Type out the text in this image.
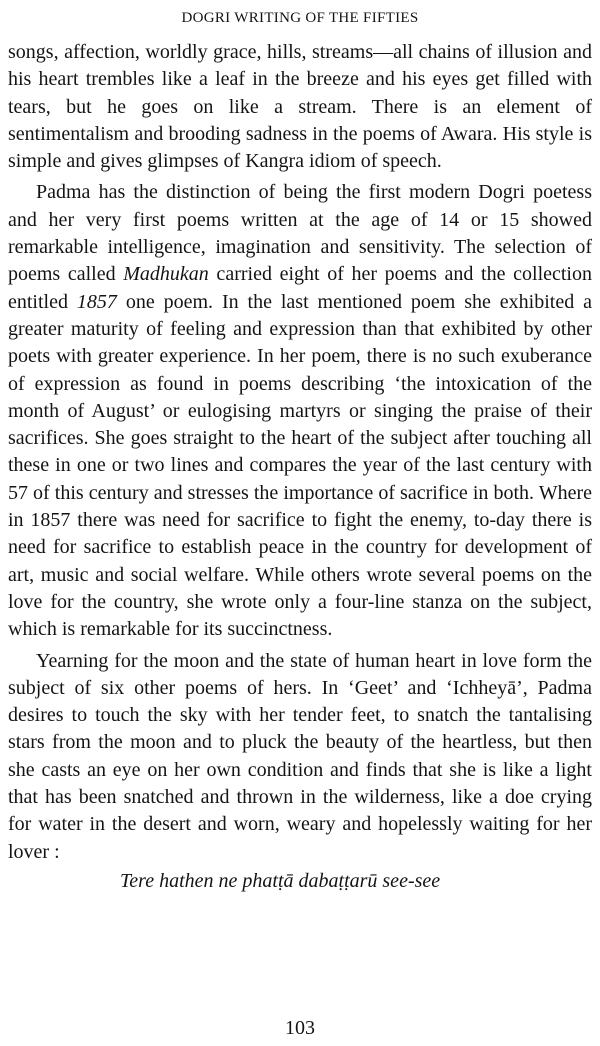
DOGRI WRITING OF THE FIFTIES

songs, affection, worldly grace, hills, streams—all chains of illusion and his heart trembles like a leaf in the breeze and his eyes get filled with tears, but he goes on like a stream. There is an element of sentimentalism and brooding sadness in the poems of Awara. His style is simple and gives glimpses of Kangra idiom of speech.

Padma has the distinction of being the first modern Dogri poetess and her very first poems written at the age of 14 or 15 showed remarkable intelligence, imagination and sensitivity. The selection of poems called Madhukan carried eight of her poems and the collection entitled 1857 one poem. In the last mentioned poem she exhibited a greater maturity of feeling and expression than that exhibited by other poets with greater experience. In her poem, there is no such exuberance of expression as found in poems describing ‘the intoxication of the month of August’ or eulogising martyrs or singing the praise of their sacrifices. She goes straight to the heart of the subject after touching all these in one or two lines and compares the year of the last century with 57 of this century and stresses the importance of sacrifice in both. Where in 1857 there was need for sacrifice to fight the enemy, to-day there is need for sacrifice to establish peace in the country for development of art, music and social welfare. While others wrote several poems on the love for the country, she wrote only a four-line stanza on the subject, which is remarkable for its succinctness.

Yearning for the moon and the state of human heart in love form the subject of six other poems of hers. In ‘Geet’ and ‘Ichheyā’, Padma desires to touch the sky with her tender feet, to snatch the tantalising stars from the moon and to pluck the beauty of the heartless, but then she casts an eye on her own condition and finds that she is like a light that has been snatched and thrown in the wilderness, like a doe crying for water in the desert and worn, weary and hopelessly waiting for her lover :

Tere hathen ne phatṭā dabaṭṭarū see-see
103
